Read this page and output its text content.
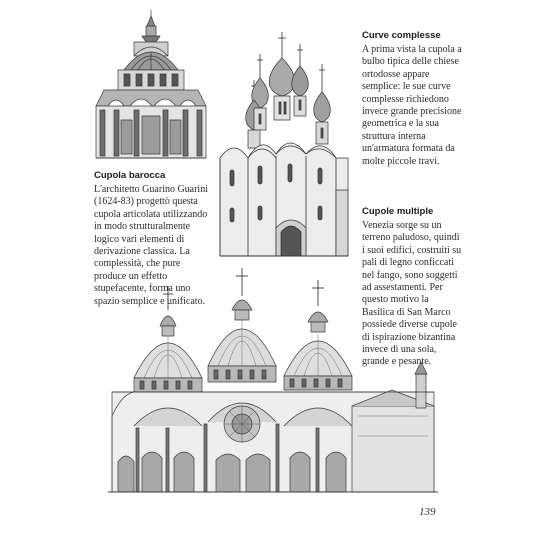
Curve complesse

A prima vista la cupola a bulbo tipica delle chiese ortodosse appare semplice: le sue curve complesse richiedono invece grande precisione geometrica e la sua struttura interna un'armatura formata da molte piccole travi.

Cupola barocca

L'architetto Guarino Guarini (1624-83) progettò questa cupola articolata utilizzando in modo strutturalmente logico vari elementi di derivazione classica. La complessità, che pure produce un effetto stupefacente, forma uno spazio semplice e unificato.

Cupole multiple

Venezia sorge su un terreno paludoso, quindi i suoi edifici, costruiti su pali di legno conficcati nel fango, sono soggetti ad assestamenti. Per questo motivo la Basilica di San Marco possiede diverse cupole di ispirazione bizantina invece di una sola, grande e pesante.

139
